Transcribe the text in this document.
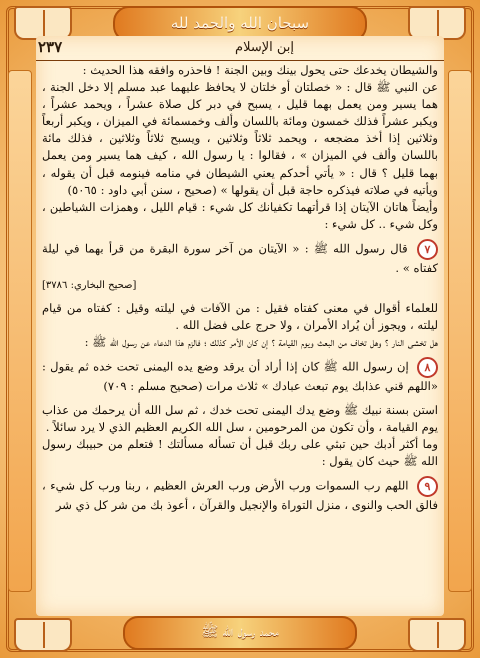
سبحان الله والحمد لله
٢٣٧	إبن الإسلام

والشيطان يخدعك حتى يحول بينك وبين الجنة ! فاحذره وافقه هذا الحديث :

عن النبي ﷺ قال : « خصلتان أو خلتان لا يحافظ عليهما عبد مسلم إلا دخل الجنة ، هما يسير ومن يعمل بهما قليل ، يسبح في دبر كل صلاة عشراً ، ويحمد عشراً ، ويكبر عشراً فذلك خمسون ومائة باللسان وألف وخمسمائة في الميزان ، ويكبر أربعاً وثلاثين إذا أخذ مضجعه ، ويحمد ثلاثاً وثلاثين ، ويسبح ثلاثاً وثلاثين ، فذلك مائة باللسان وألف في الميزان » ، فقالوا : يا رسول الله ، كيف هما يسير ومن يعمل بهما قليل ؟ قال : « يأتي أحدكم يعني الشيطان في منامه فينومه قبل أن يقوله ، ويأتيه في صلاته فيذكره حاجة قبل أن يقولها » (صحيح ، سنن أبي داود : ٥٠٦٥)

وأيضاً هاتان الآيتان إذا قرأتهما تكفيانك كل شيء : قيام الليل ، وهمزات الشياطين ، وكل شيء .. كل شيء :

٧ قال رسول الله ﷺ : « الآيتان من آخر سورة البقرة من قرأ بهما في ليلة كفتاه » .

[صحيح البخاري: ٣٧٨٦]

للعلماء أقوال في معنى كفتاه فقيل : من الآفات في ليلته وقيل : كفتاه من قيام ليلته ، ويجوز أن يُراد الأمران ، ولا حرج على فضل الله .

هل تخشى النار ؟ وهل تخاف من البعث ويوم القيامة ؟ إن كان الأمر كذلك ؛ فالزم هذا الدعاء عن رسول الله ﷺ :

٨ إن رسول الله ﷺ كان إذا أراد أن يرقد وضع يده اليمنى تحت خده ثم يقول : «اللهم قني عذابك يوم تبعث عبادك » ثلاث مرات (صحيح مسلم : ٧٠٩)

استن بسنة نبيك ﷺ وضع يدك اليمنى تحت خدك ، ثم سل الله أن يرحمك من عذاب يوم القيامة ، وأن تكون من المرحومين ، سل الله الكريم العظيم الذي لا يرد سائلاً .

وما أكثر أدبك حين تبثي على ربك قبل أن تسأله مسألتك ! فتعلم من حبيبك رسول الله ﷺ حيث كان يقول :

٩ اللهم رب السموات ورب الأرض ورب العرش العظيم ، ربنا ورب كل شيء ، فالق الحب والنوى ، منزل التوراة والإنجيل والقرآن ، أعوذ بك من شر كل ذي شر

محمد رسول الله ﷺ
